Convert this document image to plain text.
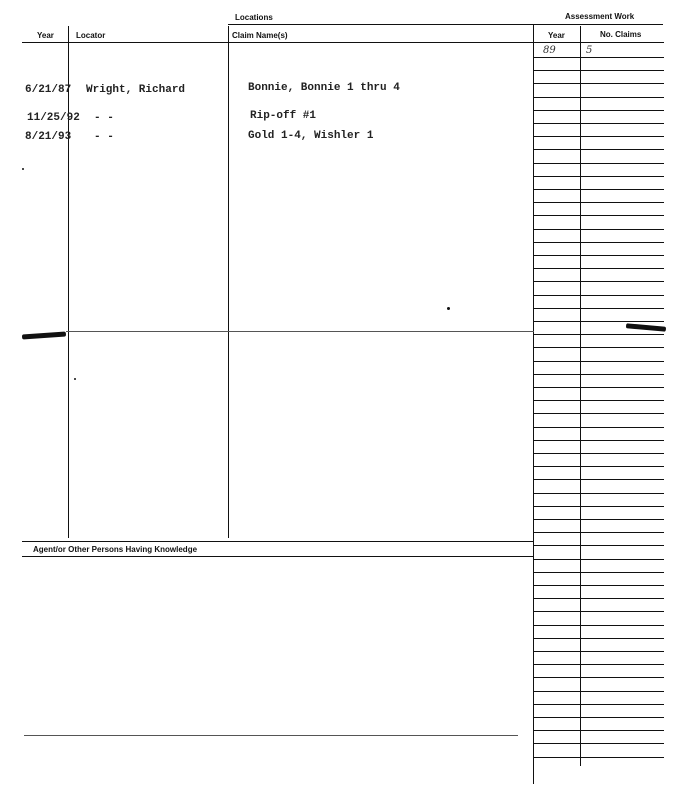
Locations	Assessment Work
Year	Locator	Claim Name(s)	Year	No. Claims
Agent/or Other Persons Having Knowledge
6/21/87 Wright, Richard	Bonnie, Bonnie 1 thru 4
11/25/92 - -	Rip-off #1
8/21/93 - -	Gold 1-4, Wishler 1
89	5
